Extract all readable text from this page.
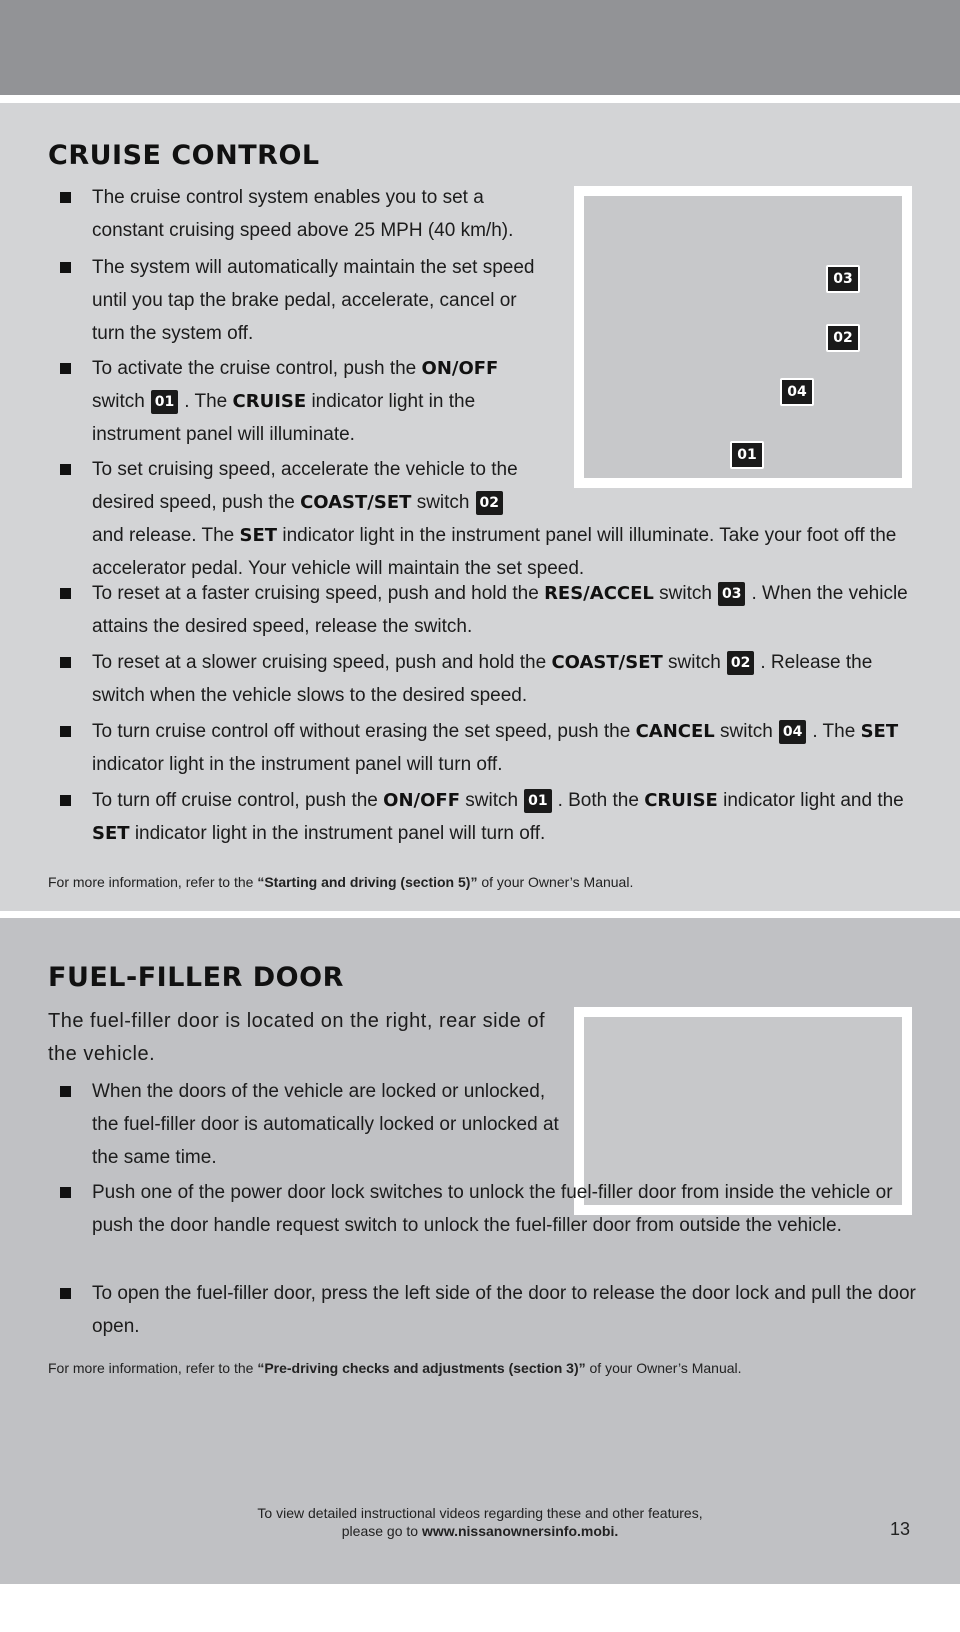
CRUISE CONTROL
03
02
04
01
The cruise control system enables you to set a constant cruising speed above 25 MPH (40 km/h).
The system will automatically maintain the set speed until you tap the brake pedal, accelerate, cancel or turn the system off.
To activate the cruise control, push the ON/OFF switch 01 . The CRUISE indicator light in the instrument panel will illuminate.
To set cruising speed, accelerate the vehicle to the desired speed, push the COAST/SET switch 02
and release. The SET indicator light in the instrument panel will illuminate. Take your foot off the accelerator pedal. Your vehicle will maintain the set speed.
To reset at a faster cruising speed, push and hold the RES/ACCEL switch 03 . When the vehicle attains the desired speed, release the switch.
To reset at a slower cruising speed, push and hold the COAST/SET switch 02 . Release the switch when the vehicle slows to the desired speed.
To turn cruise control off without erasing the set speed, push the CANCEL switch 04 . The SET indicator light in the instrument panel will turn off.
To turn off cruise control, push the ON/OFF switch 01 . Both the CRUISE indicator light and the SET indicator light in the instrument panel will turn off.
For more information, refer to the “Starting and driving (section 5)” of your Owner’s Manual.
FUEL-FILLER DOOR
The fuel-filler door is located on the right, rear side of the vehicle.
When the doors of the vehicle are locked or unlocked, the fuel-filler door is automatically locked or unlocked at the same time.
Push one of the power door lock switches to unlock the fuel-filler door from inside the vehicle or push the door handle request switch to unlock the fuel-filler door from outside the vehicle.
To open the fuel-filler door, press the left side of the door to release the door lock and pull the door open.
For more information, refer to the “Pre-driving checks and adjustments (section 3)” of your Owner’s Manual.
To view detailed instructional videos regarding these and other features,
please go to www.nissanownersinfo.mobi.	13
